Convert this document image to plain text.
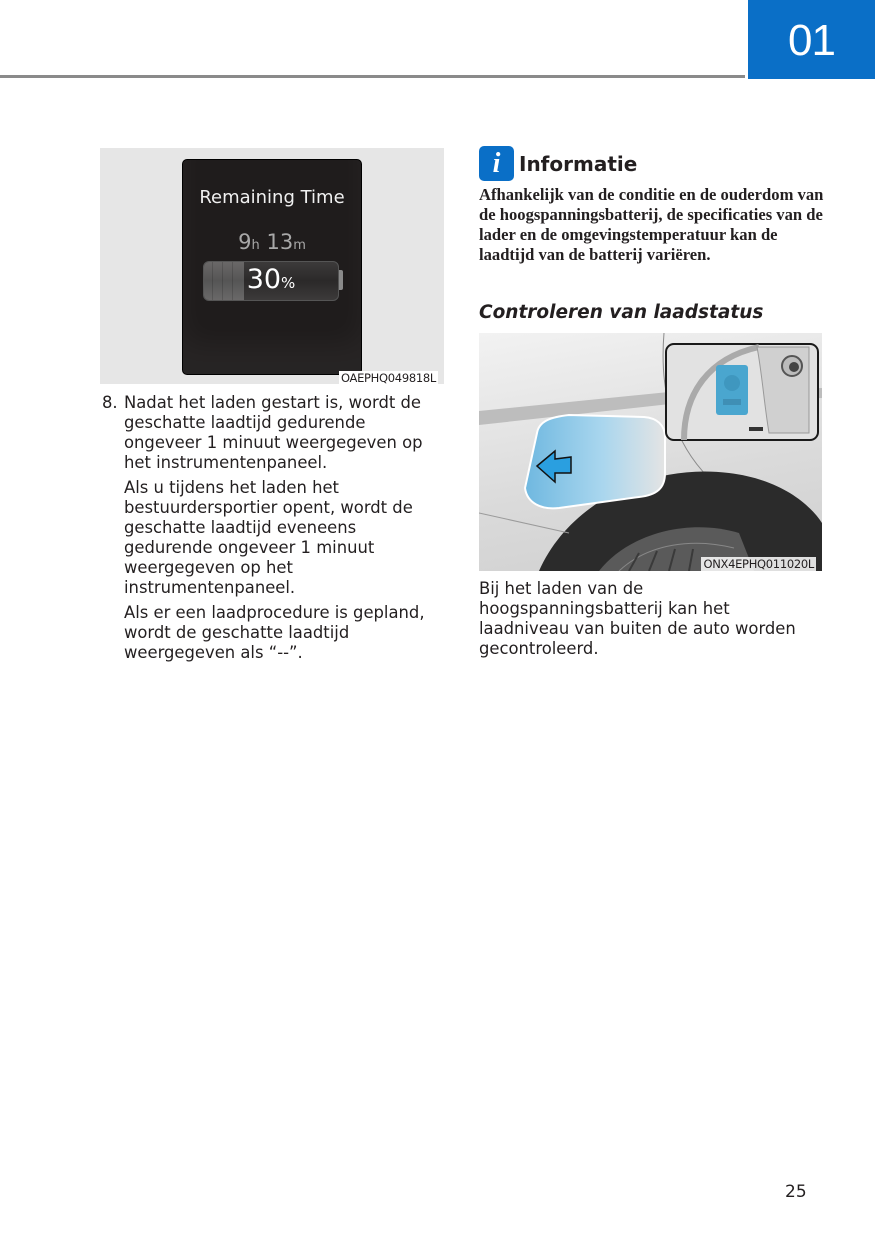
01
Remaining Time
9h 13m
30%
OAEPHQ049818L
8. Nadat het laden gestart is, wordt de geschatte laadtijd gedurende ongeveer 1 minuut weergegeven op het instrumentenpaneel.

Als u tijdens het laden het bestuurdersportier opent, wordt de geschatte laadtijd eveneens gedurende ongeveer 1 minuut weergegeven op het instrumentenpaneel.

Als er een laadprocedure is gepland, wordt de geschatte laadtijd weergegeven als “--”.

i Informatie
Afhankelijk van de conditie en de ouderdom van de hoogspanningsbatterij, de specificaties van de lader en de omgevingstemperatuur kan de laadtijd van de batterij variëren.
Controleren van laadstatus
ONX4EPHQ011020L
Bij het laden van de hoogspanningsbatterij kan het laadniveau van buiten de auto worden gecontroleerd.
25
